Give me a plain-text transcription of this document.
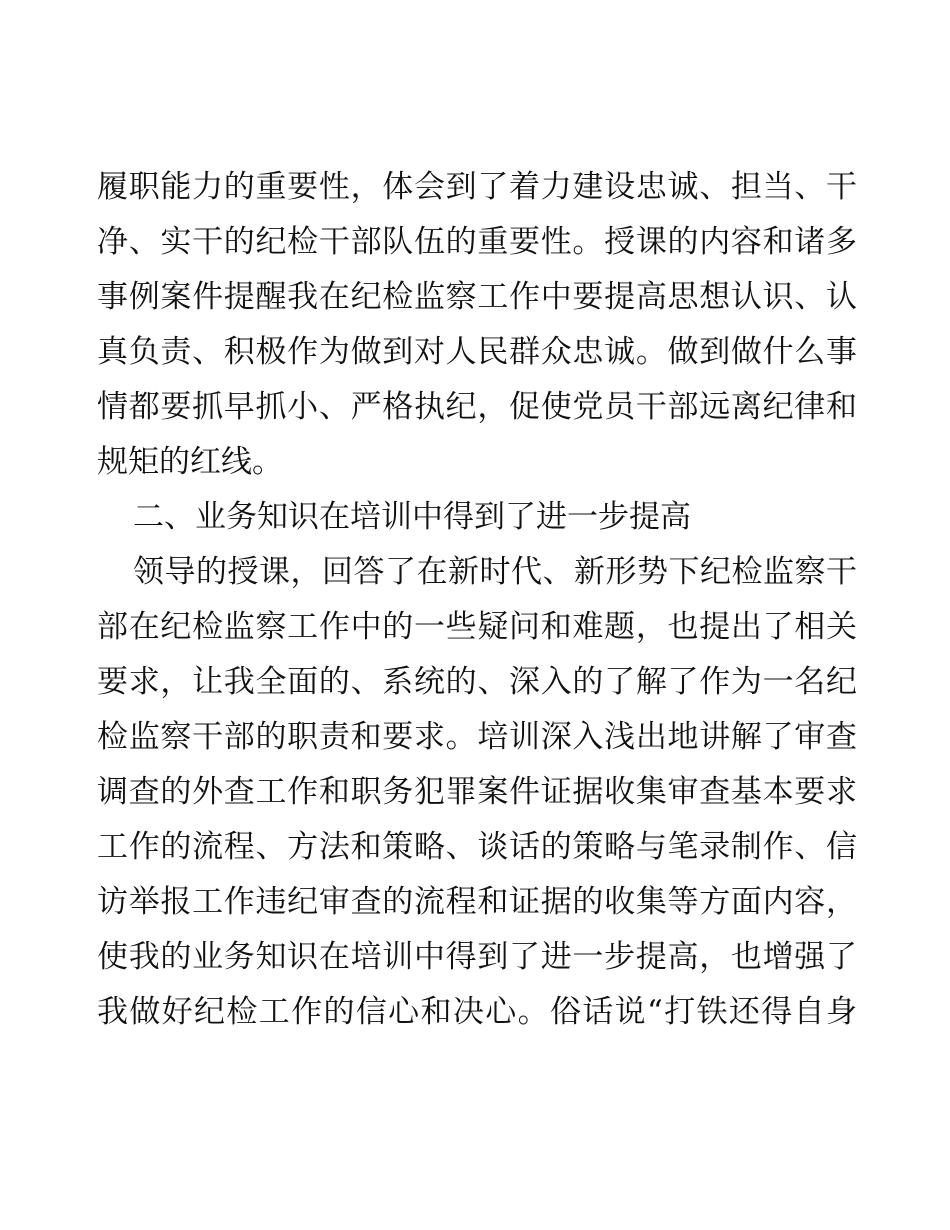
履职能力的重要性，体会到了着力建设忠诚、担当、干
净、实干的纪检干部队伍的重要性。授课的内容和诸多
事例案件提醒我在纪检监察工作中要提高思想认识、认
真负责、积极作为做到对人民群众忠诚。做到做什么事
情都要抓早抓小、严格执纪，促使党员干部远离纪律和
规矩的红线。
二、业务知识在培训中得到了进一步提高
领导的授课，回答了在新时代、新形势下纪检监察干
部在纪检监察工作中的一些疑问和难题，也提出了相关
要求，让我全面的、系统的、深入的了解了作为一名纪
检监察干部的职责和要求。培训深入浅出地讲解了审查
调查的外查工作和职务犯罪案件证据收集审查基本要求
工作的流程、方法和策略、谈话的策略与笔录制作、信
访举报工作违纪审查的流程和证据的收集等方面内容，
使我的业务知识在培训中得到了进一步提高，也增强了
我做好纪检工作的信心和决心。俗话说“打铁还得自身
